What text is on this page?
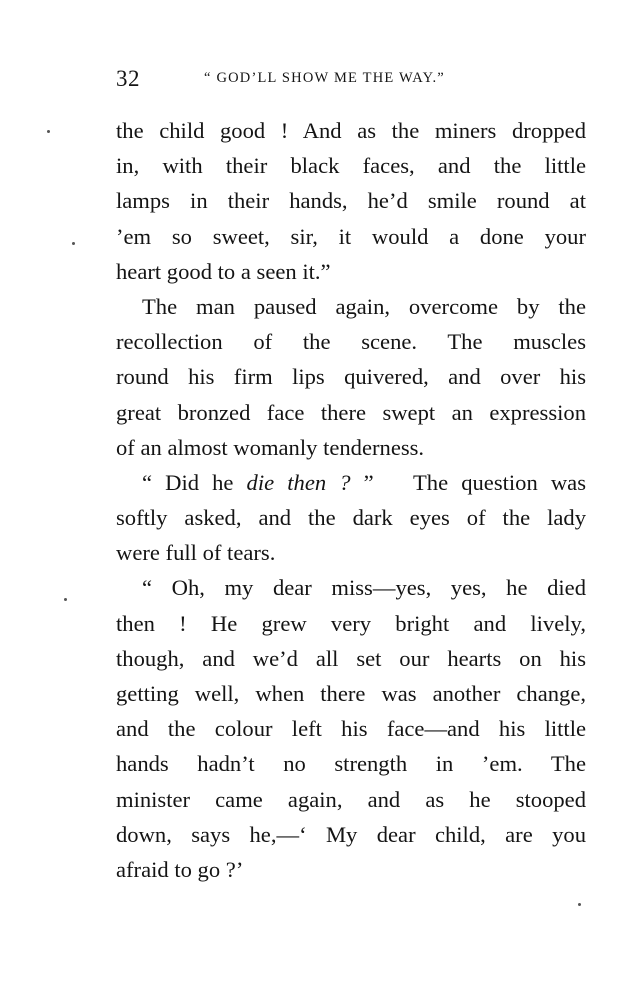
32	“ GOD’LL SHOW ME THE WAY.”
the child good ! And as the miners dropped
in, with their black faces, and the little
lamps in their hands, he’d smile round at
’em so sweet, sir, it would a done your
heart good to a seen it.”
The man paused again, overcome by the
recollection of the scene. The muscles
round his firm lips quivered, and over his
great bronzed face there swept an expression
of an almost womanly tenderness.
“ Did he die then ? ” The question was
softly asked, and the dark eyes of the lady
were full of tears.
“ Oh, my dear miss—yes, yes, he died
then ! He grew very bright and lively,
though, and we’d all set our hearts on his
getting well, when there was another change,
and the colour left his face—and his little
hands hadn’t no strength in ’em. The
minister came again, and as he stooped
down, says he,—‘ My dear child, are you
afraid to go ?’
